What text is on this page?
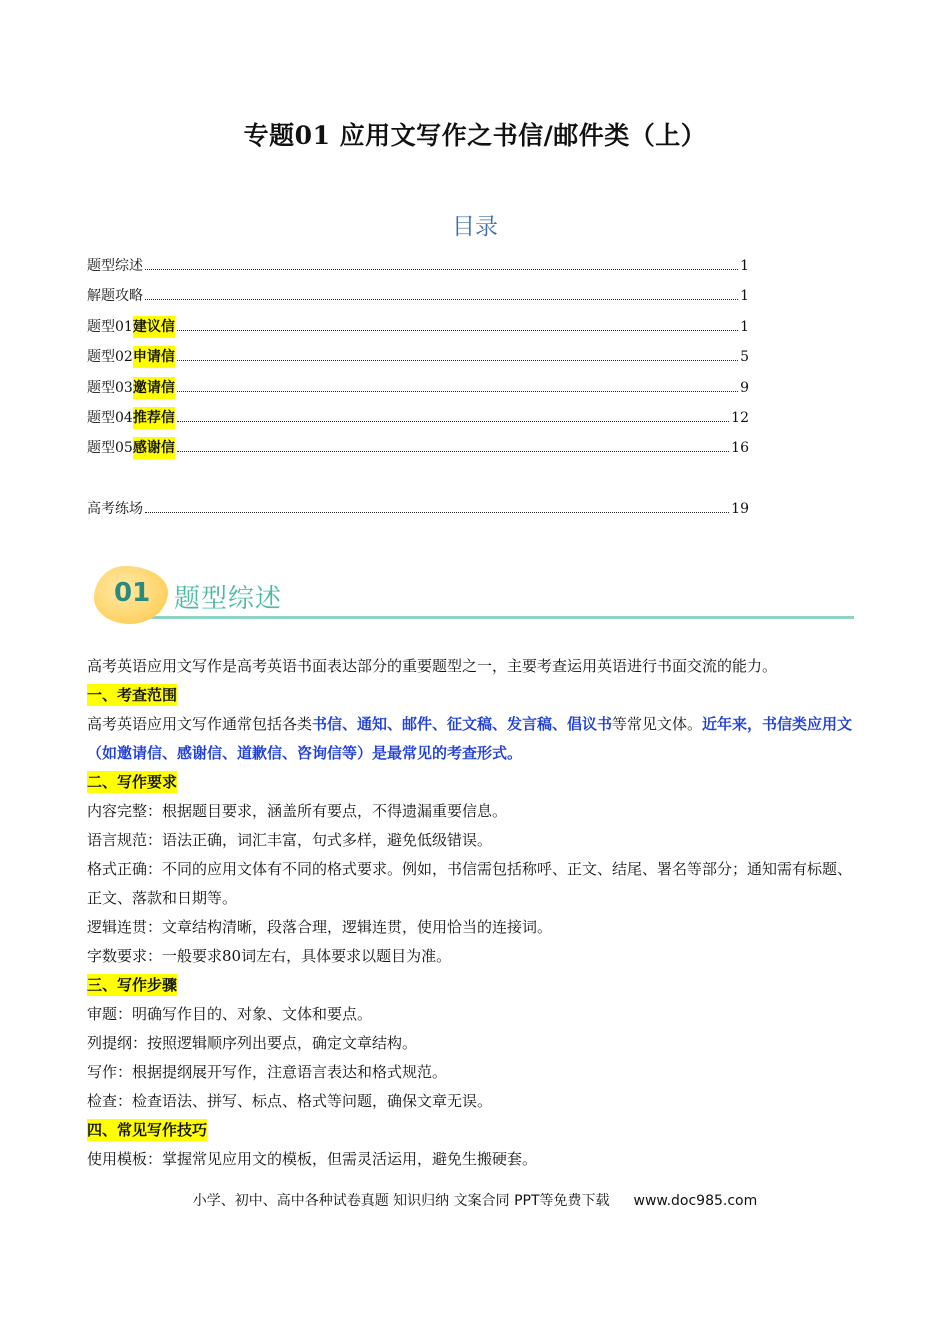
专题01 应用文写作之书信/邮件类（上）
目录
题型综述	1
解题攻略	1
题型01 建议信	1
题型02 申请信	5
题型03 邀请信	9
题型04 推荐信	12
题型05 感谢信	16
高考练场	19
01 题型综述

高考英语应用文写作是高考英语书面表达部分的重要题型之一，主要考查运用英语进行书面交流的能力。

一、考查范围

高考英语应用文写作通常包括各类书信、通知、邮件、征文稿、发言稿、倡议书等常见文体。近年来，书信类应用文（如邀请信、感谢信、道歉信、咨询信等）是最常见的考查形式。

二、写作要求

内容完整：根据题目要求，涵盖所有要点，不得遗漏重要信息。

语言规范：语法正确，词汇丰富，句式多样，避免低级错误。

格式正确：不同的应用文体有不同的格式要求。例如，书信需包括称呼、正文、结尾、署名等部分；通知需有标题、正文、落款和日期等。

逻辑连贯：文章结构清晰，段落合理，逻辑连贯，使用恰当的连接词。

字数要求：一般要求80词左右，具体要求以题目为准。

三、写作步骤

审题：明确写作目的、对象、文体和要点。

列提纲：按照逻辑顺序列出要点，确定文章结构。

写作：根据提纲展开写作，注意语言表达和格式规范。

检查：检查语法、拼写、标点、格式等问题，确保文章无误。

四、常见写作技巧

使用模板：掌握常见应用文的模板，但需灵活运用，避免生搬硬套。

小学、初中、高中各种试卷真题 知识归纳 文案合同 PPT等免费下载 www.doc985.com
